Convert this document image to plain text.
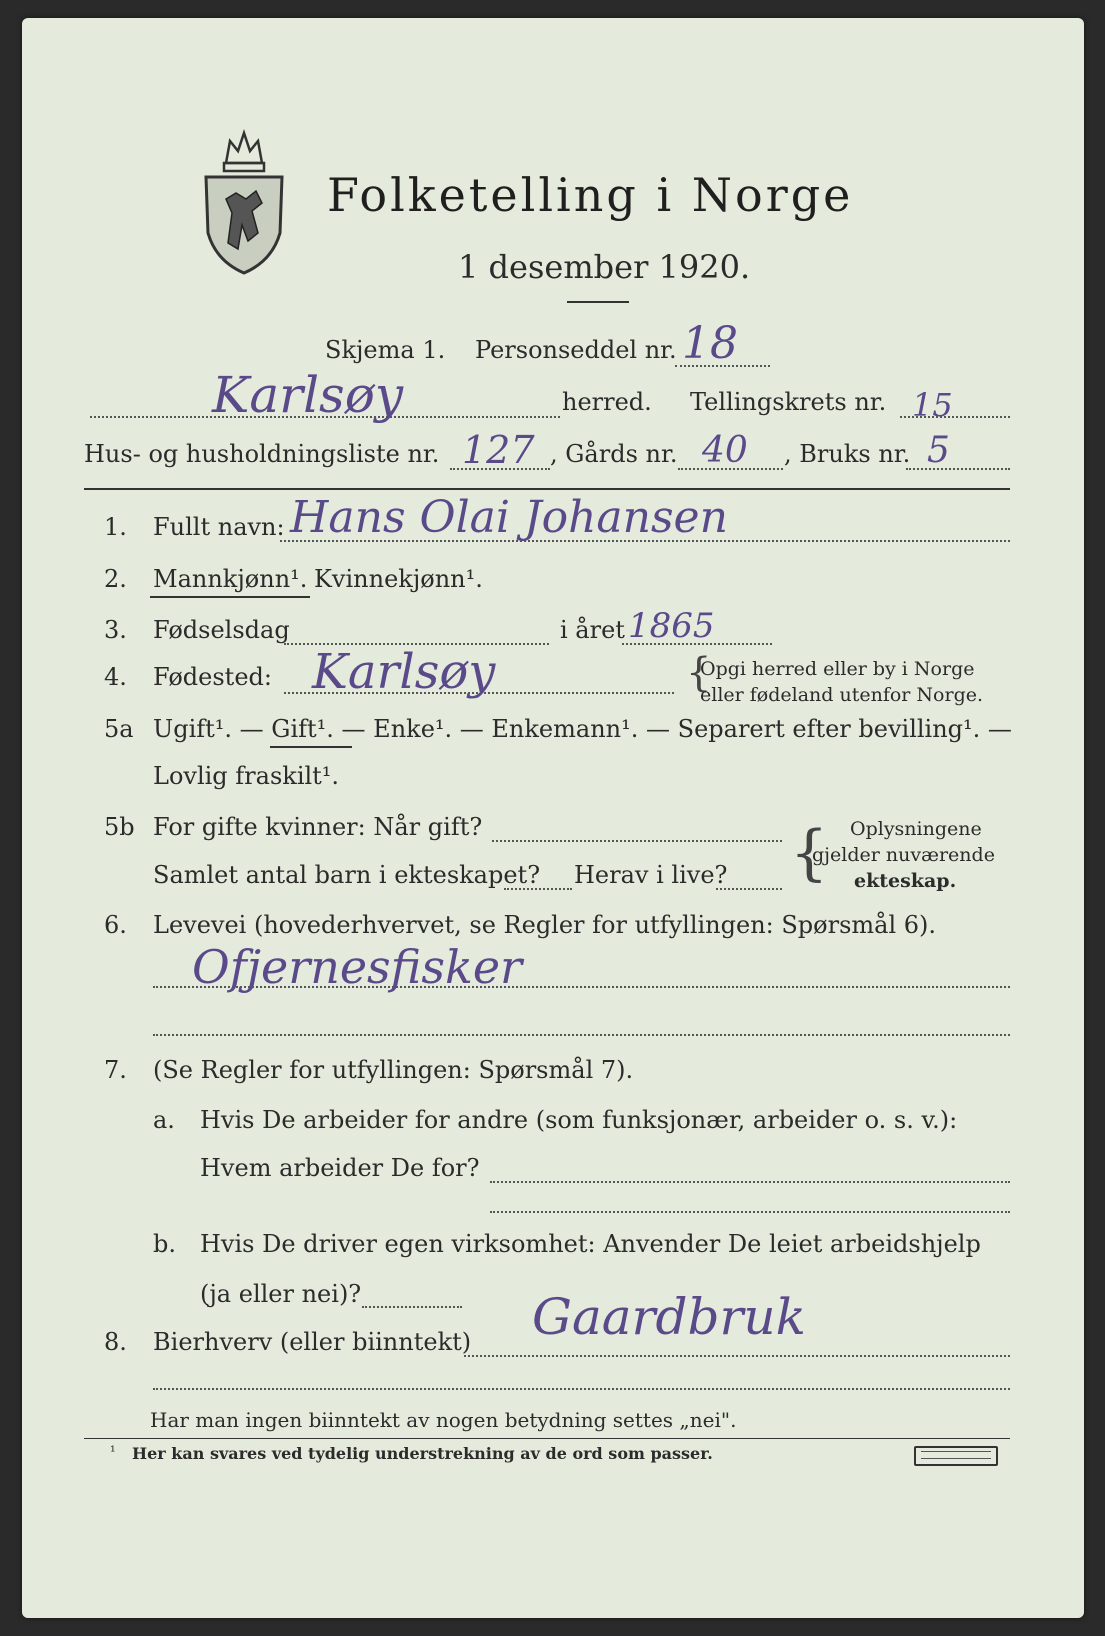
Folketelling i Norge
1 desember 1920.
Skjema 1. Personseddel nr. 18
Karlsøy	herred. Tellingskrets nr. 15
Hus- og husholdningsliste nr. 127 , Gårds nr. 40 , Bruks nr. 5
1. Fullt navn: Hans Olai Johansen
2. Mannkjønn¹. Kvinnekjønn¹.
3. Fødselsdag	i året 1865
4. Fødested: Karlsøy	{
Opgi herred eller by i Norge
eller fødeland utenfor Norge.
5a Ugift¹. — Gift¹. — Enke¹. — Enkemann¹. — Separert efter bevilling¹. —
Lovlig fraskilt¹.
5b For gifte kvinner: Når gift?
Samlet antal barn i ekteskapet? Herav i live? { Oplysningene
gjelder nuværende
ekteskap.
6. Levevei (hovederhvervet, se Regler for utfyllingen: Spørsmål 6).
Ofjernesfisker
7. (Se Regler for utfyllingen: Spørsmål 7).
a. Hvis De arbeider for andre (som funksjonær, arbeider o. s. v.):
Hvem arbeider De for?
b. Hvis De driver egen virksomhet: Anvender De leiet arbeidshjelp
(ja eller nei)?
8. Bierhverv (eller biinntekt) Gaardbruk
Har man ingen biinntekt av nogen betydning settes „nei".
¹ Her kan svares ved tydelig understrekning av de ord som passer.
